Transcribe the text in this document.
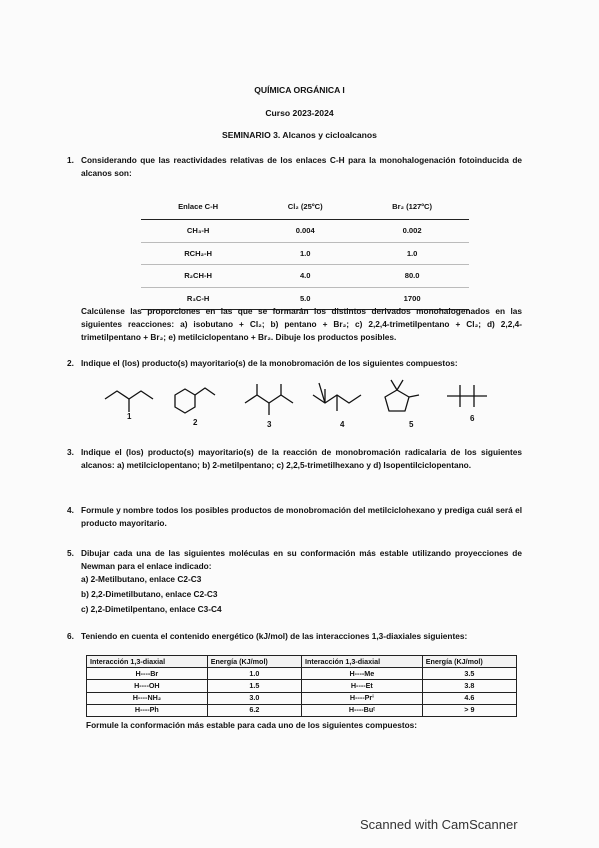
QUÍMICA ORGÁNICA I
Curso 2023-2024
SEMINARIO 3. Alcanos y cicloalcanos
1. Considerando que las reactividades relativas de los enlaces C-H para la monohalogenación fotoinducida de alcanos son:
Enlace C-H	Cl₂ (25ºC)	Br₂ (127ºC)
CH₃-H	0.004	0.002
RCH₂-H	1.0	1.0
R₂CH-H	4.0	80.0
R₃C-H	5.0	1700
Calcúlense las proporciones en las que se formarán los distintos derivados monohalogenados en las siguientes reacciones: a) isobutano + Cl₂; b) pentano + Br₂; c) 2,2,4-trimetilpentano + Cl₂; d) 2,2,4-trimetilpentano + Br₂; e) metilciclopentano + Br₂. Dibuje los productos posibles.
2. Indique el (los) producto(s) mayoritario(s) de la monobromación de los siguientes compuestos:
1
2	3	4	5
6
3. Indique el (los) producto(s) mayoritario(s) de la reacción de monobromación radicalaria de los siguientes alcanos: a) metilciclopentano; b) 2-metilpentano; c) 2,2,5-trimetilhexano y d) Isopentilciclopentano.
4. Formule y nombre todos los posibles productos de monobromación del metilciclohexano y prediga cuál será el producto mayoritario.
5. Dibujar cada una de las siguientes moléculas en su conformación más estable utilizando proyecciones de Newman para el enlace indicado:
a) 2-Metilbutano, enlace C2-C3
b) 2,2-Dimetilbutano, enlace C2-C3
c) 2,2-Dimetilpentano, enlace C3-C4
6. Teniendo en cuenta el contenido energético (kJ/mol) de las interacciones 1,3-diaxiales siguientes:
Interacción 1,3-diaxial	Energía (KJ/mol)	Interacción 1,3-diaxial	Energía (KJ/mol)
H----Br	1.0	H----Me	3.5
H----OH	1.5	H----Et	3.8
H----NH₂	3.0	H----Prⁱ	4.6
H----Ph	6.2	H----Buᵗ	> 9
Formule la conformación más estable para cada uno de los siguientes compuestos:
Scanned with CamScanner
